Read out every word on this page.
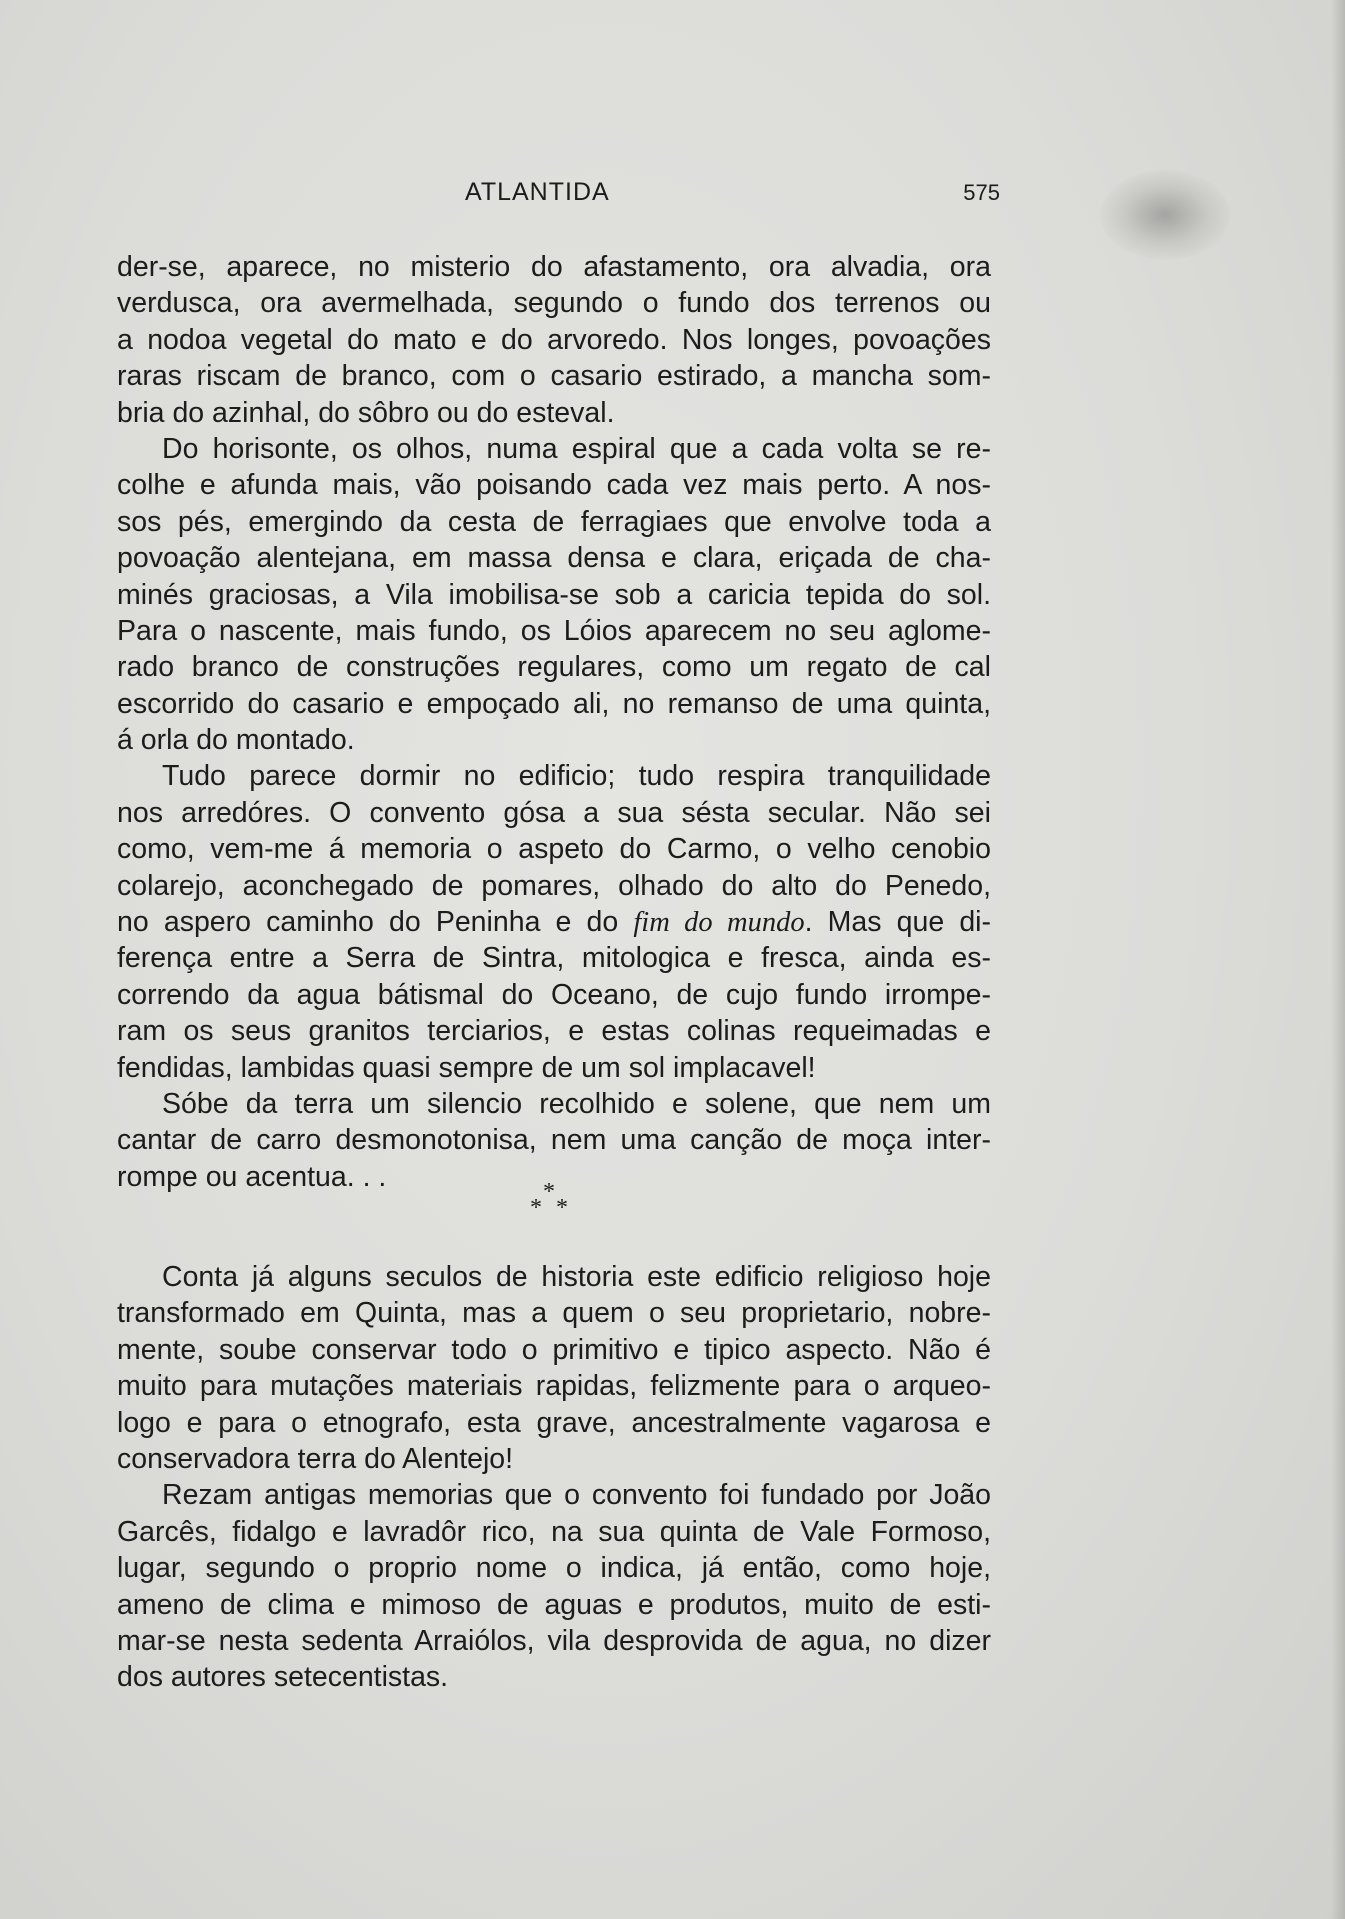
ATLANTIDA	575
der-se, aparece, no misterio do afastamento, ora alvadia, ora
verdusca, ora avermelhada, segundo o fundo dos terrenos ou
a nodoa vegetal do mato e do arvoredo. Nos longes, povoações
raras riscam de branco, com o casario estirado, a mancha som-
bria do azinhal, do sôbro ou do esteval.
Do horisonte, os olhos, numa espiral que a cada volta se re-
colhe e afunda mais, vão poisando cada vez mais perto. A nos-
sos pés, emergindo da cesta de ferragiaes que envolve toda a
povoação alentejana, em massa densa e clara, eriçada de cha-
minés graciosas, a Vila imobilisa-se sob a caricia tepida do sol.
Para o nascente, mais fundo, os Lóios aparecem no seu aglome-
rado branco de construções regulares, como um regato de cal
escorrido do casario e empoçado ali, no remanso de uma quinta,
á orla do montado.
Tudo parece dormir no edificio; tudo respira tranquilidade
nos arredóres. O convento gósa a sua sésta secular. Não sei
como, vem-me á memoria o aspeto do Carmo, o velho cenobio
colarejo, aconchegado de pomares, olhado do alto do Penedo,
no aspero caminho do Peninha e do fim do mundo. Mas que di-
ferença entre a Serra de Sintra, mitologica e fresca, ainda es-
correndo da agua bátismal do Oceano, de cujo fundo irrompe-
ram os seus granitos terciarios, e estas colinas requeimadas e
fendidas, lambidas quasi sempre de um sol implacavel!
Sóbe da terra um silencio recolhido e solene, que nem um
cantar de carro desmonotonisa, nem uma canção de moça inter-
rompe ou acentua. . .	*
* *
Conta já alguns seculos de historia este edificio religioso hoje
transformado em Quinta, mas a quem o seu proprietario, nobre-
mente, soube conservar todo o primitivo e tipico aspecto. Não é
muito para mutações materiais rapidas, felizmente para o arqueo-
logo e para o etnografo, esta grave, ancestralmente vagarosa e
conservadora terra do Alentejo!
Rezam antigas memorias que o convento foi fundado por João
Garcês, fidalgo e lavradôr rico, na sua quinta de Vale Formoso,
lugar, segundo o proprio nome o indica, já então, como hoje,
ameno de clima e mimoso de aguas e produtos, muito de esti-
mar-se nesta sedenta Arraiólos, vila desprovida de agua, no dizer
dos autores setecentistas.
